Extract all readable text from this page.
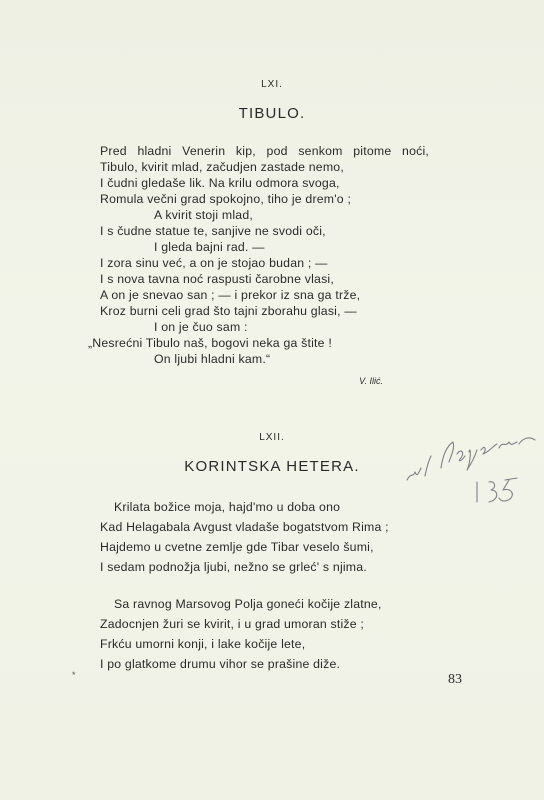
LXI.
TIBULO.
Pred hladni Venerin kip, pod senkom pitome noći,
Tibulo, kvirit mlad, začudjen zastade nemo,
I čudni gledaše lik. Na krilu odmora svoga,
Romula večni grad spokojno, tiho je drem'o ;
A kvirit stoji mlad,
I s čudne statue te, sanjive ne svodi oči,
I gleda bajni rad. —
I zora sinu već, a on je stojao budan ; —
I s nova tavna noć raspusti čarobne vlasi,
A on je snevao san ; — i prekor iz sna ga trže,
Kroz burni celi grad što tajni zborahu glasi, —
I on je čuo sam :
„Nesrećni Tibulo naš, bogovi neka ga štite !
On ljubi hladni kam.“
V. Ilić.
LXII.
KORINTSKA HETERA.
Krilata božice moja, hajd'mo u doba ono
Kad Helagabala Avgust vladaše bogatstvom Rima ;
Hajdemo u cvetne zemlje gde Tibar veselo šumi,
I sedam podnožja ljubi, nežno se grleć' s njima.
Sa ravnog Marsovog Polja goneći kočije zlatne,
Zadocnjen žuri se kvirit, i u grad umoran stiže ;
Frkću umorni konji, i lake kočije lete,
I po glatkome drumu vihor se prašine diže.
*	83
